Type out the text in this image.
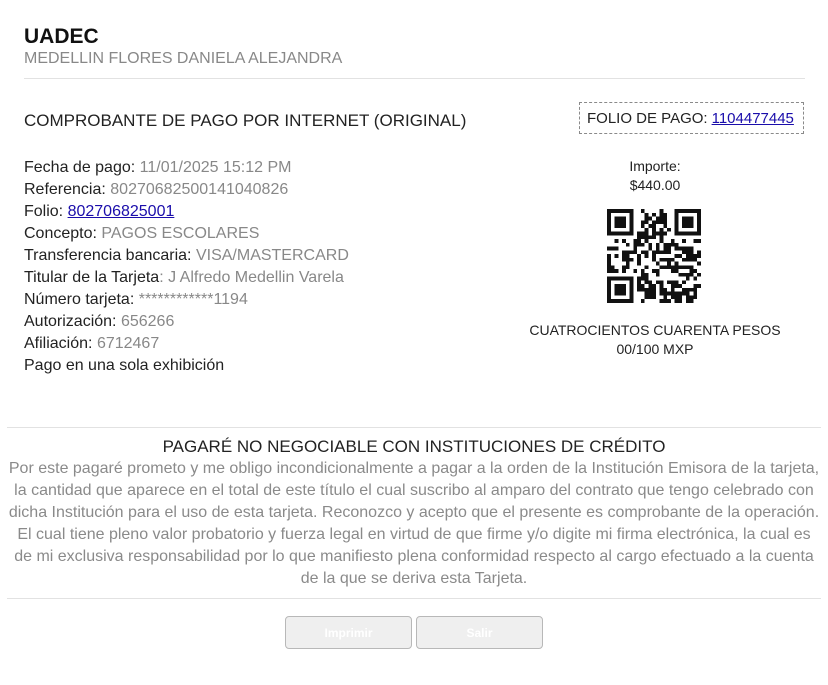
UADEC
MEDELLIN FLORES DANIELA ALEJANDRA
COMPROBANTE DE PAGO POR INTERNET (ORIGINAL)	FOLIO DE PAGO: 1104477445
Fecha de pago: 11/01/2025 15:12 PM
Referencia: 80270682500141040826
Folio: 802706825001
Concepto: PAGOS ESCOLARES
Transferencia bancaria: VISA/MASTERCARD
Titular de la Tarjeta: J Alfredo Medellin Varela
Número tarjeta: ************1194
Autorización: 656266
Afiliación: 6712467
Pago en una sola exhibición
Importe:
$440.00
CUATROCIENTOS CUARENTA PESOS
00/100 MXP
PAGARÉ NO NEGOCIABLE CON INSTITUCIONES DE CRÉDITO
Por este pagaré prometo y me obligo incondicionalmente a pagar a la orden de la Institución Emisora de la tarjeta, la cantidad que aparece en el total de este título el cual suscribo al amparo del contrato que tengo celebrado con dicha Institución para el uso de esta tarjeta. Reconozco y acepto que el presente es comprobante de la operación. El cual tiene pleno valor probatorio y fuerza legal en virtud de que firme y/o digite mi firma electrónica, la cual es de mi exclusiva responsabilidad por lo que manifiesto plena conformidad respecto al cargo efectuado a la cuenta de la que se deriva esta Tarjeta.
Imprimir	Salir
